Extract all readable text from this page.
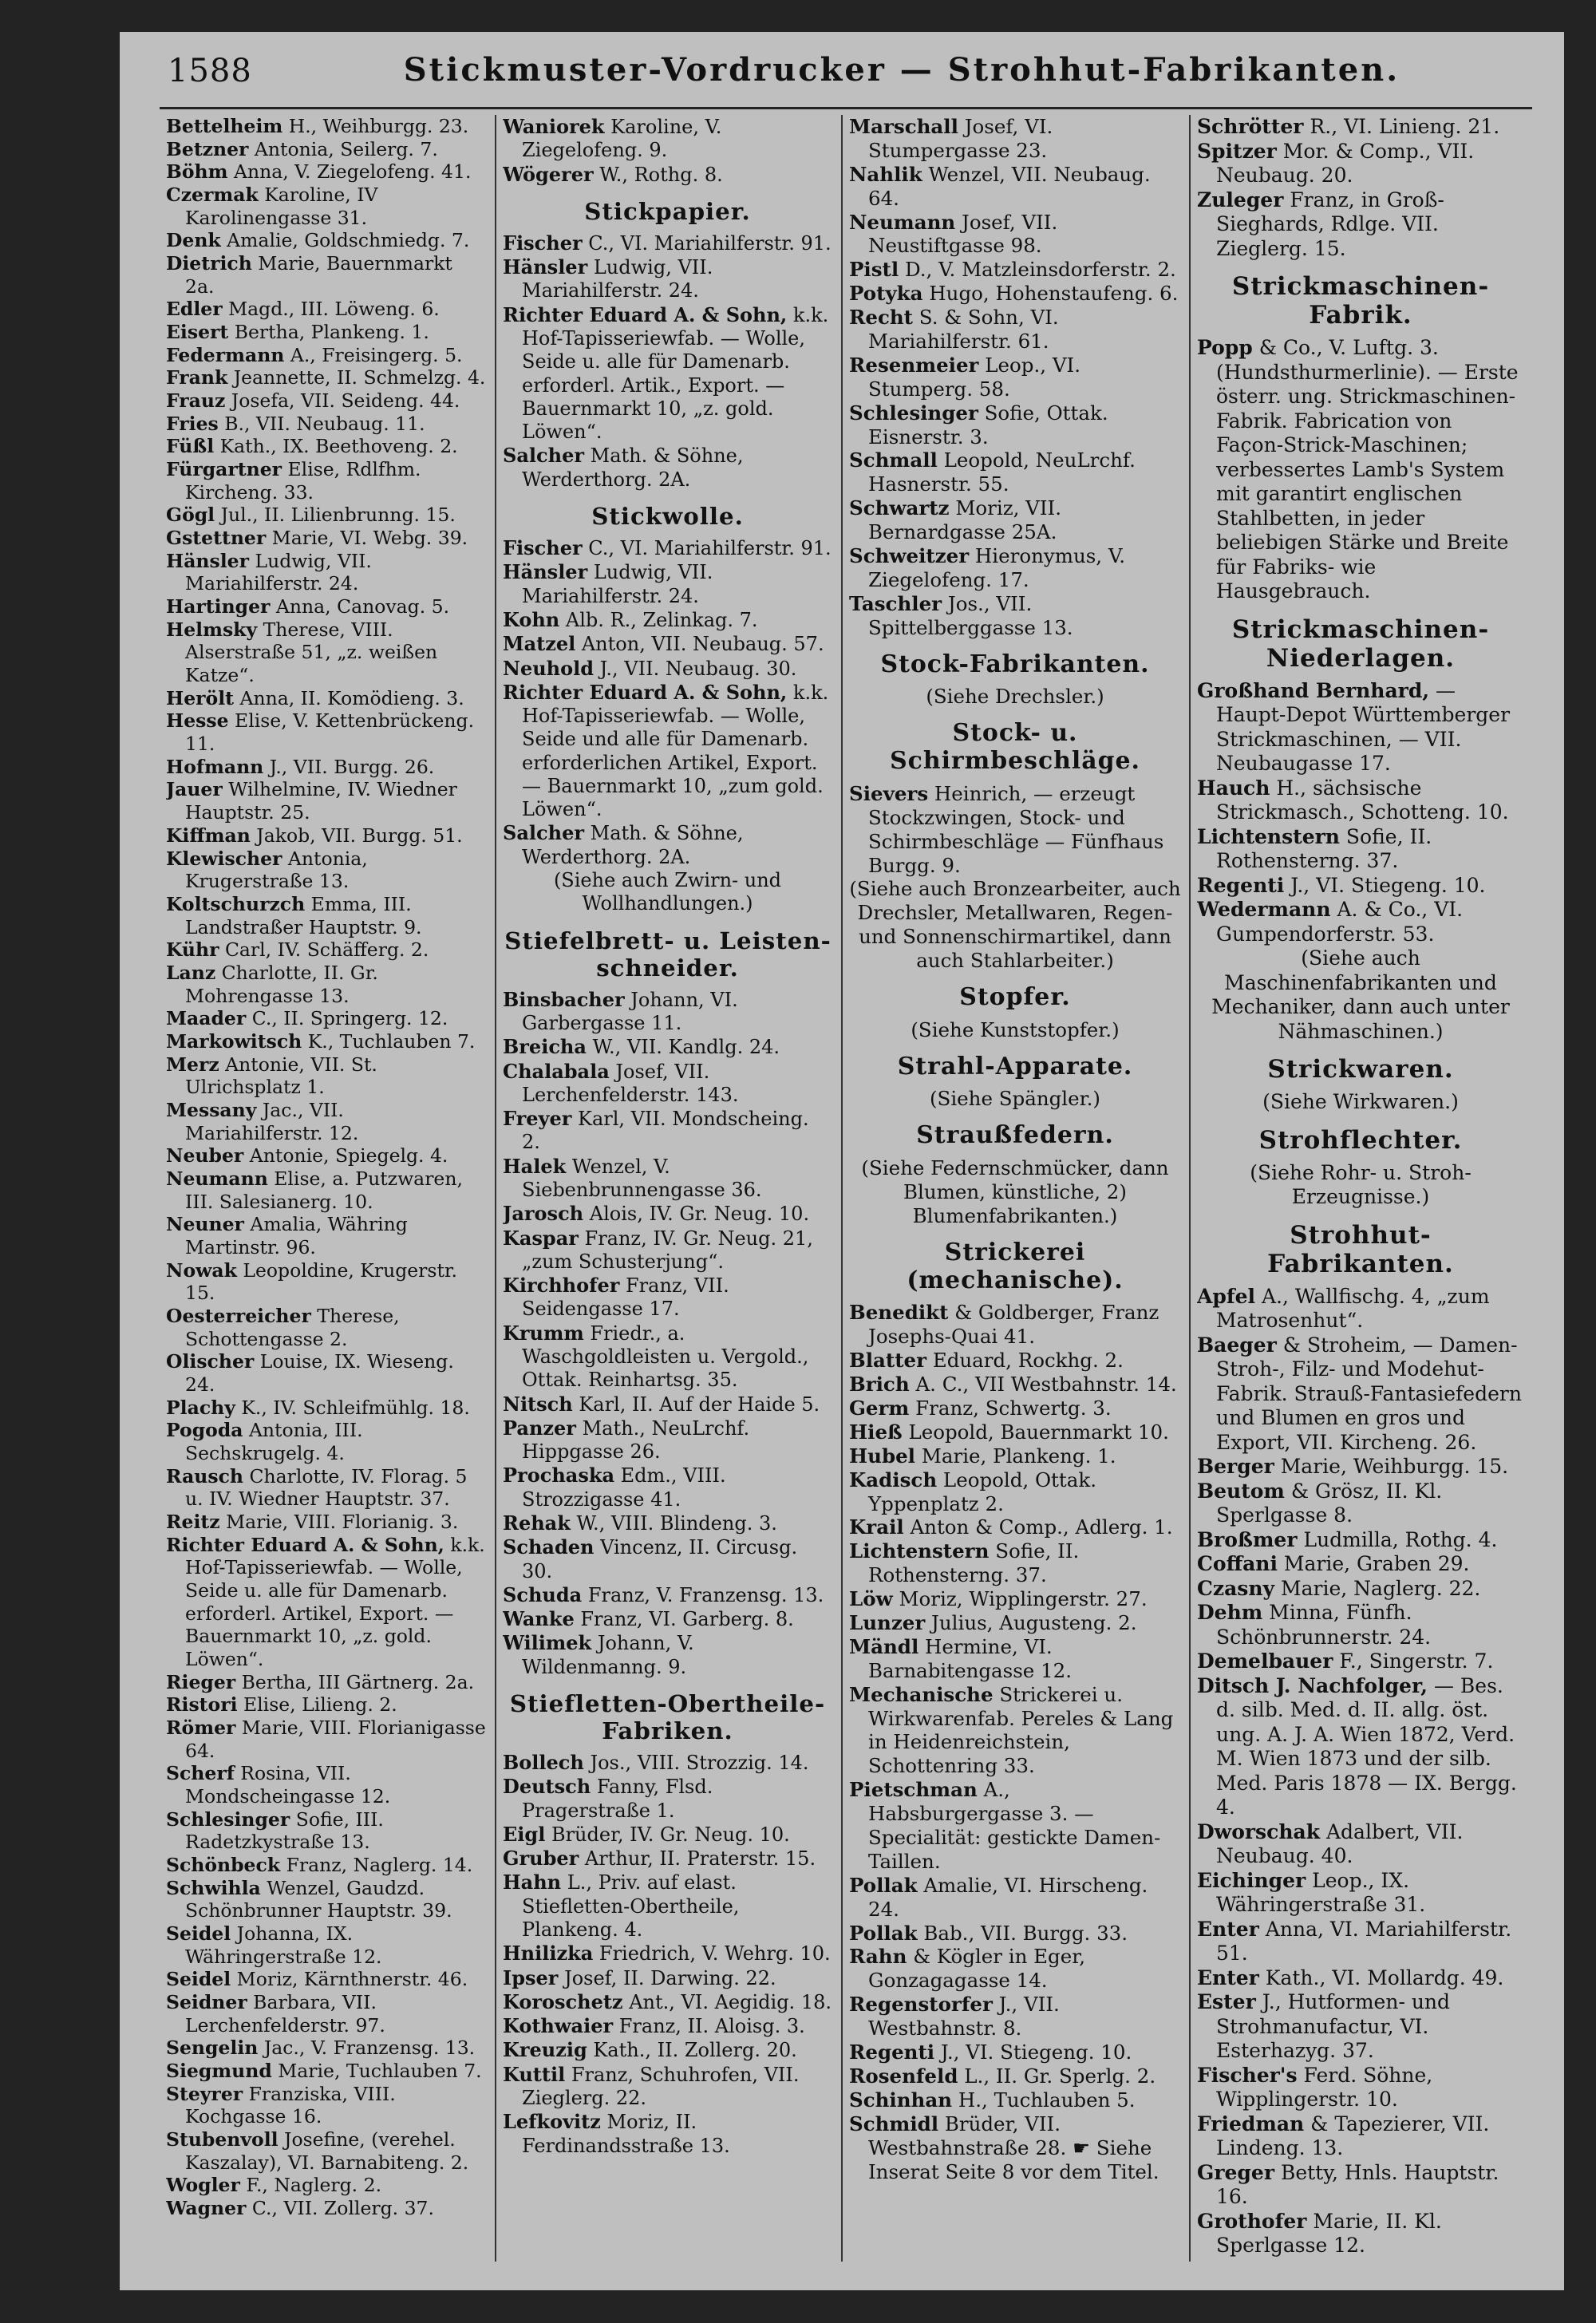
1588	Stickmuster-Vordrucker — Strohhut-Fabrikanten.

Bettelheim H., Weihburgg. 23.

Betzner Antonia, Seilerg. 7.

Böhm Anna, V. Ziegelofeng. 41.

Czermak Karoline, IV Karolinengasse 31.

Denk Amalie, Goldschmiedg. 7.

Dietrich Marie, Bauernmarkt 2a.

Edler Magd., III. Löweng. 6.

Eisert Bertha, Plankeng. 1.

Federmann A., Freisingerg. 5.

Frank Jeannette, II. Schmelzg. 4.

Frauz Josefa, VII. Seideng. 44.

Fries B., VII. Neubaug. 11.

Füßl Kath., IX. Beethoveng. 2.

Fürgartner Elise, Rdlfhm. Kircheng. 33.

Gögl Jul., II. Lilienbrunng. 15.

Gstettner Marie, VI. Webg. 39.

Hänsler Ludwig, VII. Mariahilferstr. 24.

Hartinger Anna, Canovag. 5.

Helmsky Therese, VIII. Alserstraße 51, „z. weißen Katze“.

Herölt Anna, II. Komödieng. 3.

Hesse Elise, V. Kettenbrückeng. 11.

Hofmann J., VII. Burgg. 26.

Jauer Wilhelmine, IV. Wiedner Hauptstr. 25.

Kiffman Jakob, VII. Burgg. 51.

Klewischer Antonia, Krugerstraße 13.

Koltschurzch Emma, III. Landstraßer Hauptstr. 9.

Kühr Carl, IV. Schäfferg. 2.

Lanz Charlotte, II. Gr. Mohrengasse 13.

Maader C., II. Springerg. 12.

Markowitsch K., Tuchlauben 7.

Merz Antonie, VII. St. Ulrichsplatz 1.

Messany Jac., VII. Mariahilferstr. 12.

Neuber Antonie, Spiegelg. 4.

Neumann Elise, a. Putzwaren, III. Salesianerg. 10.

Neuner Amalia, Währing Martinstr. 96.

Nowak Leopoldine, Krugerstr. 15.

Oesterreicher Therese, Schottengasse 2.

Olischer Louise, IX. Wieseng. 24.

Plachy K., IV. Schleifmühlg. 18.

Pogoda Antonia, III. Sechskrugelg. 4.

Rausch Charlotte, IV. Florag. 5 u. IV. Wiedner Hauptstr. 37.

Reitz Marie, VIII. Florianig. 3.

Richter Eduard A. & Sohn, k.k. Hof-Tapisseriewfab. — Wolle, Seide u. alle für Damenarb. erforderl. Artikel, Export. — Bauernmarkt 10, „z. gold. Löwen“.

Rieger Bertha, III Gärtnerg. 2a.

Ristori Elise, Lilieng. 2.

Römer Marie, VIII. Florianigasse 64.

Scherf Rosina, VII. Mondscheingasse 12.

Schlesinger Sofie, III. Radetzkystraße 13.

Schönbeck Franz, Naglerg. 14.

Schwihla Wenzel, Gaudzd. Schönbrunner Hauptstr. 39.

Seidel Johanna, IX. Währingerstraße 12.

Seidel Moriz, Kärnthnerstr. 46.

Seidner Barbara, VII. Lerchenfelderstr. 97.

Sengelin Jac., V. Franzensg. 13.

Siegmund Marie, Tuchlauben 7.

Steyrer Franziska, VIII. Kochgasse 16.

Stubenvoll Josefine, (verehel. Kaszalay), VI. Barnabiteng. 2.

Wogler F., Naglerg. 2.

Wagner C., VII. Zollerg. 37.

Waniorek Karoline, V. Ziegelofeng. 9.

Wögerer W., Rothg. 8.

Stickpapier.

Fischer C., VI. Mariahilferstr. 91.

Hänsler Ludwig, VII. Mariahilferstr. 24.

Richter Eduard A. & Sohn, k.k. Hof-Tapisseriewfab. — Wolle, Seide u. alle für Damenarb. erforderl. Artik., Export. — Bauernmarkt 10, „z. gold. Löwen“.

Salcher Math. & Söhne, Werderthorg. 2A.

Stickwolle.

Fischer C., VI. Mariahilferstr. 91.

Hänsler Ludwig, VII. Mariahilferstr. 24.

Kohn Alb. R., Zelinkag. 7.

Matzel Anton, VII. Neubaug. 57.

Neuhold J., VII. Neubaug. 30.

Richter Eduard A. & Sohn, k.k. Hof-Tapisseriewfab. — Wolle, Seide und alle für Damenarb. erforderlichen Artikel, Export. — Bauernmarkt 10, „zum gold. Löwen“.

Salcher Math. & Söhne, Werderthorg. 2A.

(Siehe auch Zwirn- und Wollhandlungen.)

Stiefelbrett- u. Leistenschneider.

Binsbacher Johann, VI. Garbergasse 11.

Breicha W., VII. Kandlg. 24.

Chalabala Josef, VII. Lerchenfelderstr. 143.

Freyer Karl, VII. Mondscheing. 2.

Halek Wenzel, V. Siebenbrunnengasse 36.

Jarosch Alois, IV. Gr. Neug. 10.

Kaspar Franz, IV. Gr. Neug. 21, „zum Schusterjung“.

Kirchhofer Franz, VII. Seidengasse 17.

Krumm Friedr., a. Waschgoldleisten u. Vergold., Ottak. Reinhartsg. 35.

Nitsch Karl, II. Auf der Haide 5.

Panzer Math., NeuLrchf. Hippgasse 26.

Prochaska Edm., VIII. Strozzigasse 41.

Rehak W., VIII. Blindeng. 3.

Schaden Vincenz, II. Circusg. 30.

Schuda Franz, V. Franzensg. 13.

Wanke Franz, VI. Garberg. 8.

Wilimek Johann, V. Wildenmanng. 9.

Stiefletten-Obertheile-Fabriken.

Bollech Jos., VIII. Strozzig. 14.

Deutsch Fanny, Flsd. Pragerstraße 1.

Eigl Brüder, IV. Gr. Neug. 10.

Gruber Arthur, II. Praterstr. 15.

Hahn L., Priv. auf elast. Stiefletten-Obertheile, Plankeng. 4.

Hnilizka Friedrich, V. Wehrg. 10.

Ipser Josef, II. Darwing. 22.

Koroschetz Ant., VI. Aegidig. 18.

Kothwaier Franz, II. Aloisg. 3.

Kreuzig Kath., II. Zollerg. 20.

Kuttil Franz, Schuhrofen, VII. Zieglerg. 22.

Lefkovitz Moriz, II. Ferdinandsstraße 13.

Marschall Josef, VI. Stumpergasse 23.

Nahlik Wenzel, VII. Neubaug. 64.

Neumann Josef, VII. Neustiftgasse 98.

Pistl D., V. Matzleinsdorferstr. 2.

Potyka Hugo, Hohenstaufeng. 6.

Recht S. & Sohn, VI. Mariahilferstr. 61.

Resenmeier Leop., VI. Stumperg. 58.

Schlesinger Sofie, Ottak. Eisnerstr. 3.

Schmall Leopold, NeuLrchf. Hasnerstr. 55.

Schwartz Moriz, VII. Bernardgasse 25A.

Schweitzer Hieronymus, V. Ziegelofeng. 17.

Taschler Jos., VII. Spittelberggasse 13.

Stock-Fabrikanten.

(Siehe Drechsler.)

Stock- u. Schirmbeschläge.

Sievers Heinrich, — erzeugt Stockzwingen, Stock- und Schirmbeschläge — Fünfhaus Burgg. 9.

(Siehe auch Bronzearbeiter, auch Drechsler, Metallwaren, Regen- und Sonnenschirmartikel, dann auch Stahlarbeiter.)

Stopfer.

(Siehe Kunststopfer.)

Strahl-Apparate.

(Siehe Spängler.)

Straußfedern.

(Siehe Federnschmücker, dann Blumen, künstliche, 2) Blumenfabrikanten.)

Strickerei (mechanische).

Benedikt & Goldberger, Franz Josephs-Quai 41.

Blatter Eduard, Rockhg. 2.

Brich A. C., VII Westbahnstr. 14.

Germ Franz, Schwertg. 3.

Hieß Leopold, Bauernmarkt 10.

Hubel Marie, Plankeng. 1.

Kadisch Leopold, Ottak. Yppenplatz 2.

Krail Anton & Comp., Adlerg. 1.

Lichtenstern Sofie, II. Rothensterng. 37.

Löw Moriz, Wipplingerstr. 27.

Lunzer Julius, Augusteng. 2.

Mändl Hermine, VI. Barnabitengasse 12.

Mechanische Strickerei u. Wirkwarenfab. Pereles & Lang in Heidenreichstein, Schottenring 33.

Pietschman A., Habsburgergasse 3. — Specialität: gestickte Damen-Taillen.

Pollak Amalie, VI. Hirscheng. 24.

Pollak Bab., VII. Burgg. 33.

Rahn & Kögler in Eger, Gonzagagasse 14.

Regenstorfer J., VII. Westbahnstr. 8.

Regenti J., VI. Stiegeng. 10.

Rosenfeld L., II. Gr. Sperlg. 2.

Schinhan H., Tuchlauben 5.

Schmidl Brüder, VII. Westbahnstraße 28. ☛ Siehe Inserat Seite 8 vor dem Titel.

Schrötter R., VI. Linieng. 21.

Spitzer Mor. & Comp., VII. Neubaug. 20.

Zuleger Franz, in Groß-Sieghards, Rdlge. VII. Zieglerg. 15.

Strickmaschinen-Fabrik.

Popp & Co., V. Luftg. 3. (Hundsthurmerlinie). — Erste österr. ung. Strickmaschinen-Fabrik. Fabrication von Façon-Strick-Maschinen; verbessertes Lamb's System mit garantirt englischen Stahlbetten, in jeder beliebigen Stärke und Breite für Fabriks- wie Hausgebrauch.

Strickmaschinen-Niederlagen.

Großhand Bernhard, — Haupt-Depot Württemberger Strickmaschinen, — VII. Neubaugasse 17.

Hauch H., sächsische Strickmasch., Schotteng. 10.

Lichtenstern Sofie, II. Rothensterng. 37.

Regenti J., VI. Stiegeng. 10.

Wedermann A. & Co., VI. Gumpendorferstr. 53.

(Siehe auch Maschinenfabrikanten und Mechaniker, dann auch unter Nähmaschinen.)

Strickwaren.

(Siehe Wirkwaren.)

Strohflechter.

(Siehe Rohr- u. Stroh-Erzeugnisse.)

Strohhut-Fabrikanten.

Apfel A., Wallfischg. 4, „zum Matrosenhut“.

Baeger & Stroheim, — Damen-Stroh-, Filz- und Modehut-Fabrik. Strauß-Fantasiefedern und Blumen en gros und Export, VII. Kircheng. 26.

Berger Marie, Weihburgg. 15.

Beutom & Grösz, II. Kl. Sperlgasse 8.

Broßmer Ludmilla, Rothg. 4.

Coffani Marie, Graben 29.

Czasny Marie, Naglerg. 22.

Dehm Minna, Fünfh. Schönbrunnerstr. 24.

Demelbauer F., Singerstr. 7.

Ditsch J. Nachfolger, — Bes. d. silb. Med. d. II. allg. öst. ung. A. J. A. Wien 1872, Verd. M. Wien 1873 und der silb. Med. Paris 1878 — IX. Bergg. 4.

Dworschak Adalbert, VII. Neubaug. 40.

Eichinger Leop., IX. Währingerstraße 31.

Enter Anna, VI. Mariahilferstr. 51.

Enter Kath., VI. Mollardg. 49.

Ester J., Hutformen- und Strohmanufactur, VI. Esterhazyg. 37.

Fischer's Ferd. Söhne, Wipplingerstr. 10.

Friedman & Tapezierer, VII. Lindeng. 13.

Greger Betty, Hnls. Hauptstr. 16.

Grothofer Marie, II. Kl. Sperlgasse 12.
